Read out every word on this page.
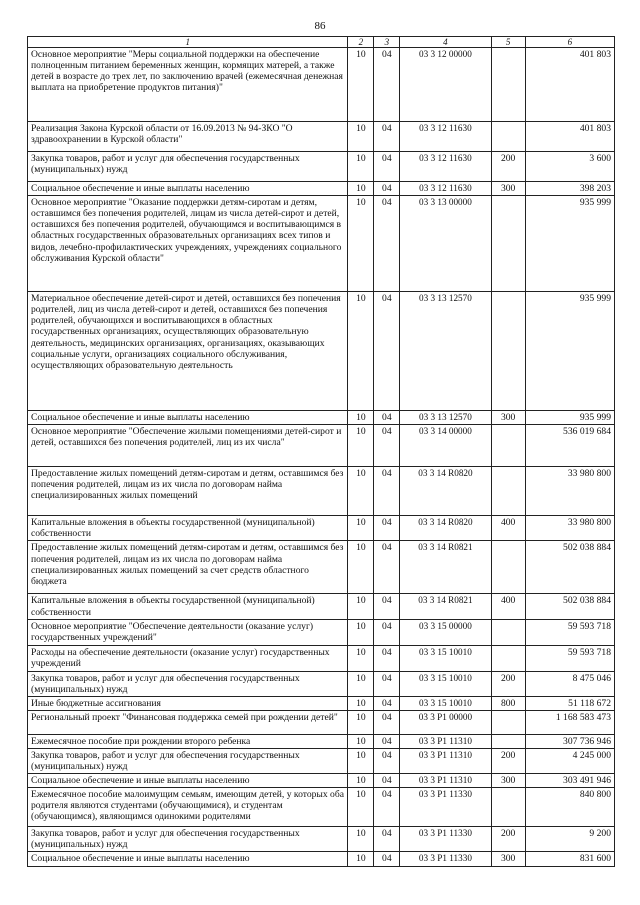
86
1	2	3	4	5	6
Основное мероприятие "Меры социальной поддержки на обеспечение полноценным питанием беременных женщин, кормящих матерей, а также детей в возрасте до трех лет, по заключению врачей (ежемесячная денежная выплата на приобретение продуктов питания)"	10	04	03 3 12 00000		401 803
Реализация Закона Курской области от 16.09.2013 № 94-ЗКО "О здравоохранении в Курской области"	10	04	03 3 12 11630		401 803
Закупка товаров, работ и услуг для обеспечения государственных (муниципальных) нужд	10	04	03 3 12 11630	200	3 600
Социальное обеспечение и иные выплаты населению	10	04	03 3 12 11630	300	398 203
Основное мероприятие "Оказание поддержки детям-сиротам и детям, оставшимся без попечения родителей, лицам из числа детей-сирот и детей, оставшихся без попечения родителей, обучающимся и воспитывающимся в областных государственных образовательных организациях всех типов и видов, лечебно-профилактических учреждениях, учреждениях социального обслуживания Курской области"	10	04	03 3 13 00000		935 999
Материальное обеспечение детей-сирот и детей, оставшихся без попечения родителей, лиц из числа детей-сирот и детей, оставшихся без попечения родителей, обучающихся и воспитывающихся в областных государственных организациях, осуществляющих образовательную деятельность, медицинских организациях, организациях, оказывающих социальные услуги, организациях социального обслуживания, осуществляющих образовательную деятельность	10	04	03 3 13 12570		935 999
Социальное обеспечение и иные выплаты населению	10	04	03 3 13 12570	300	935 999
Основное мероприятие "Обеспечение жилыми помещениями детей-сирот и детей, оставшихся без попечения родителей, лиц из их числа"	10	04	03 3 14 00000		536 019 684
Предоставление жилых помещений детям-сиротам и детям, оставшимся без попечения родителей, лицам из их числа по договорам найма специализированных жилых помещений	10	04	03 3 14 R0820		33 980 800
Капитальные вложения в объекты государственной (муниципальной) собственности	10	04	03 3 14 R0820	400	33 980 800
Предоставление жилых помещений детям-сиротам и детям, оставшимся без попечения родителей, лицам из их числа по договорам найма специализированных жилых помещений за счет средств областного бюджета	10	04	03 3 14 R0821		502 038 884
Капитальные вложения в объекты государственной (муниципальной) собственности	10	04	03 3 14 R0821	400	502 038 884
Основное мероприятие "Обеспечение деятельности (оказание услуг) государственных учреждений"	10	04	03 3 15 00000		59 593 718
Расходы на обеспечение деятельности (оказание услуг) государственных учреждений	10	04	03 3 15 10010		59 593 718
Закупка товаров, работ и услуг для обеспечения государственных (муниципальных) нужд	10	04	03 3 15 10010	200	8 475 046
Иные бюджетные ассигнования	10	04	03 3 15 10010	800	51 118 672
Региональный проект "Финансовая поддержка семей при рождении детей"	10	04	03 3 P1 00000		1 168 583 473
Ежемесячное пособие при рождении второго ребенка	10	04	03 3 P1 11310		307 736 946
Закупка товаров, работ и услуг для обеспечения государственных (муниципальных) нужд	10	04	03 3 P1 11310	200	4 245 000
Социальное обеспечение и иные выплаты населению	10	04	03 3 P1 11310	300	303 491 946
Ежемесячное пособие малоимущим семьям, имеющим детей, у которых оба родителя являются студентами (обучающимися), и студентам (обучающимся), являющимся одинокими родителями	10	04	03 3 P1 11330		840 800
Закупка товаров, работ и услуг для обеспечения государственных (муниципальных) нужд	10	04	03 3 P1 11330	200	9 200
Социальное обеспечение и иные выплаты населению	10	04	03 3 P1 11330	300	831 600
